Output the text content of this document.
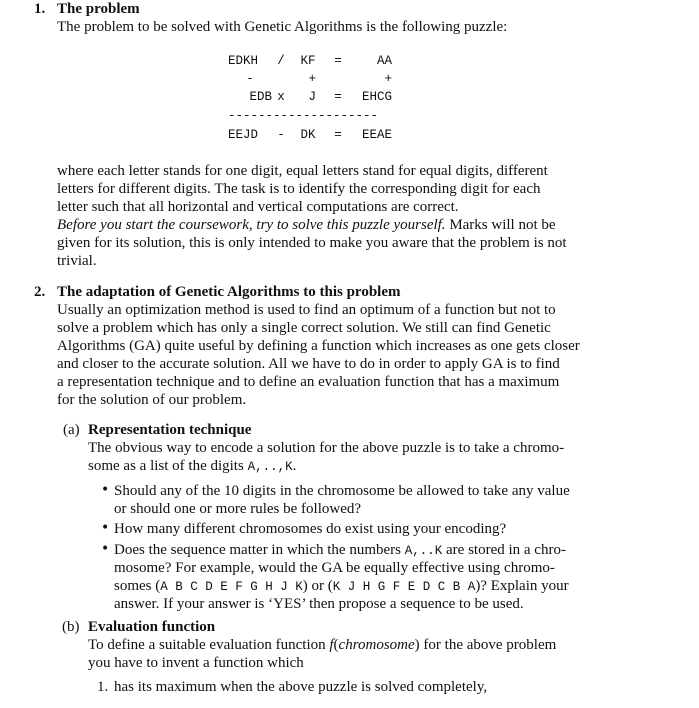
1. The problem
The problem to be solved with Genetic Algorithms is the following puzzle:
EDKH	/	KF	=	AA
-		+		+
EDB	x	J	=	EHCG
--------------------				
EEJD	-	DK	=	EEAE
where each letter stands for one digit, equal letters stand for equal digits, different
letters for different digits. The task is to identify the corresponding digit for each
letter such that all horizontal and vertical computations are correct.
Before you start the coursework, try to solve this puzzle yourself. Marks will not be
given for its solution, this is only intended to make you aware that the problem is not
trivial.
2. The adaptation of Genetic Algorithms to this problem
Usually an optimization method is used to find an optimum of a function but not to
solve a problem which has only a single correct solution. We still can find Genetic
Algorithms (GA) quite useful by defining a function which increases as one gets closer
and closer to the accurate solution. All we have to do in order to apply GA is to find
a representation technique and to define an evaluation function that has a maximum
for the solution of our problem.
(a) Representation technique
The obvious way to encode a solution for the above puzzle is to take a chromo-
some as a list of the digits A,..,K.
• Should any of the 10 digits in the chromosome be allowed to take any value
or should one or more rules be followed?
• How many different chromosomes do exist using your encoding?
• Does the sequence matter in which the numbers A,..K are stored in a chro-
mosome? For example, would the GA be equally effective using chromo-
somes (A B C D E F G H J K) or (K J H G F E D C B A)? Explain your
answer. If your answer is ‘YES’ then propose a sequence to be used.
(b) Evaluation function
To define a suitable evaluation function f(chromosome) for the above problem
you have to invent a function which
1. has its maximum when the above puzzle is solved completely,
